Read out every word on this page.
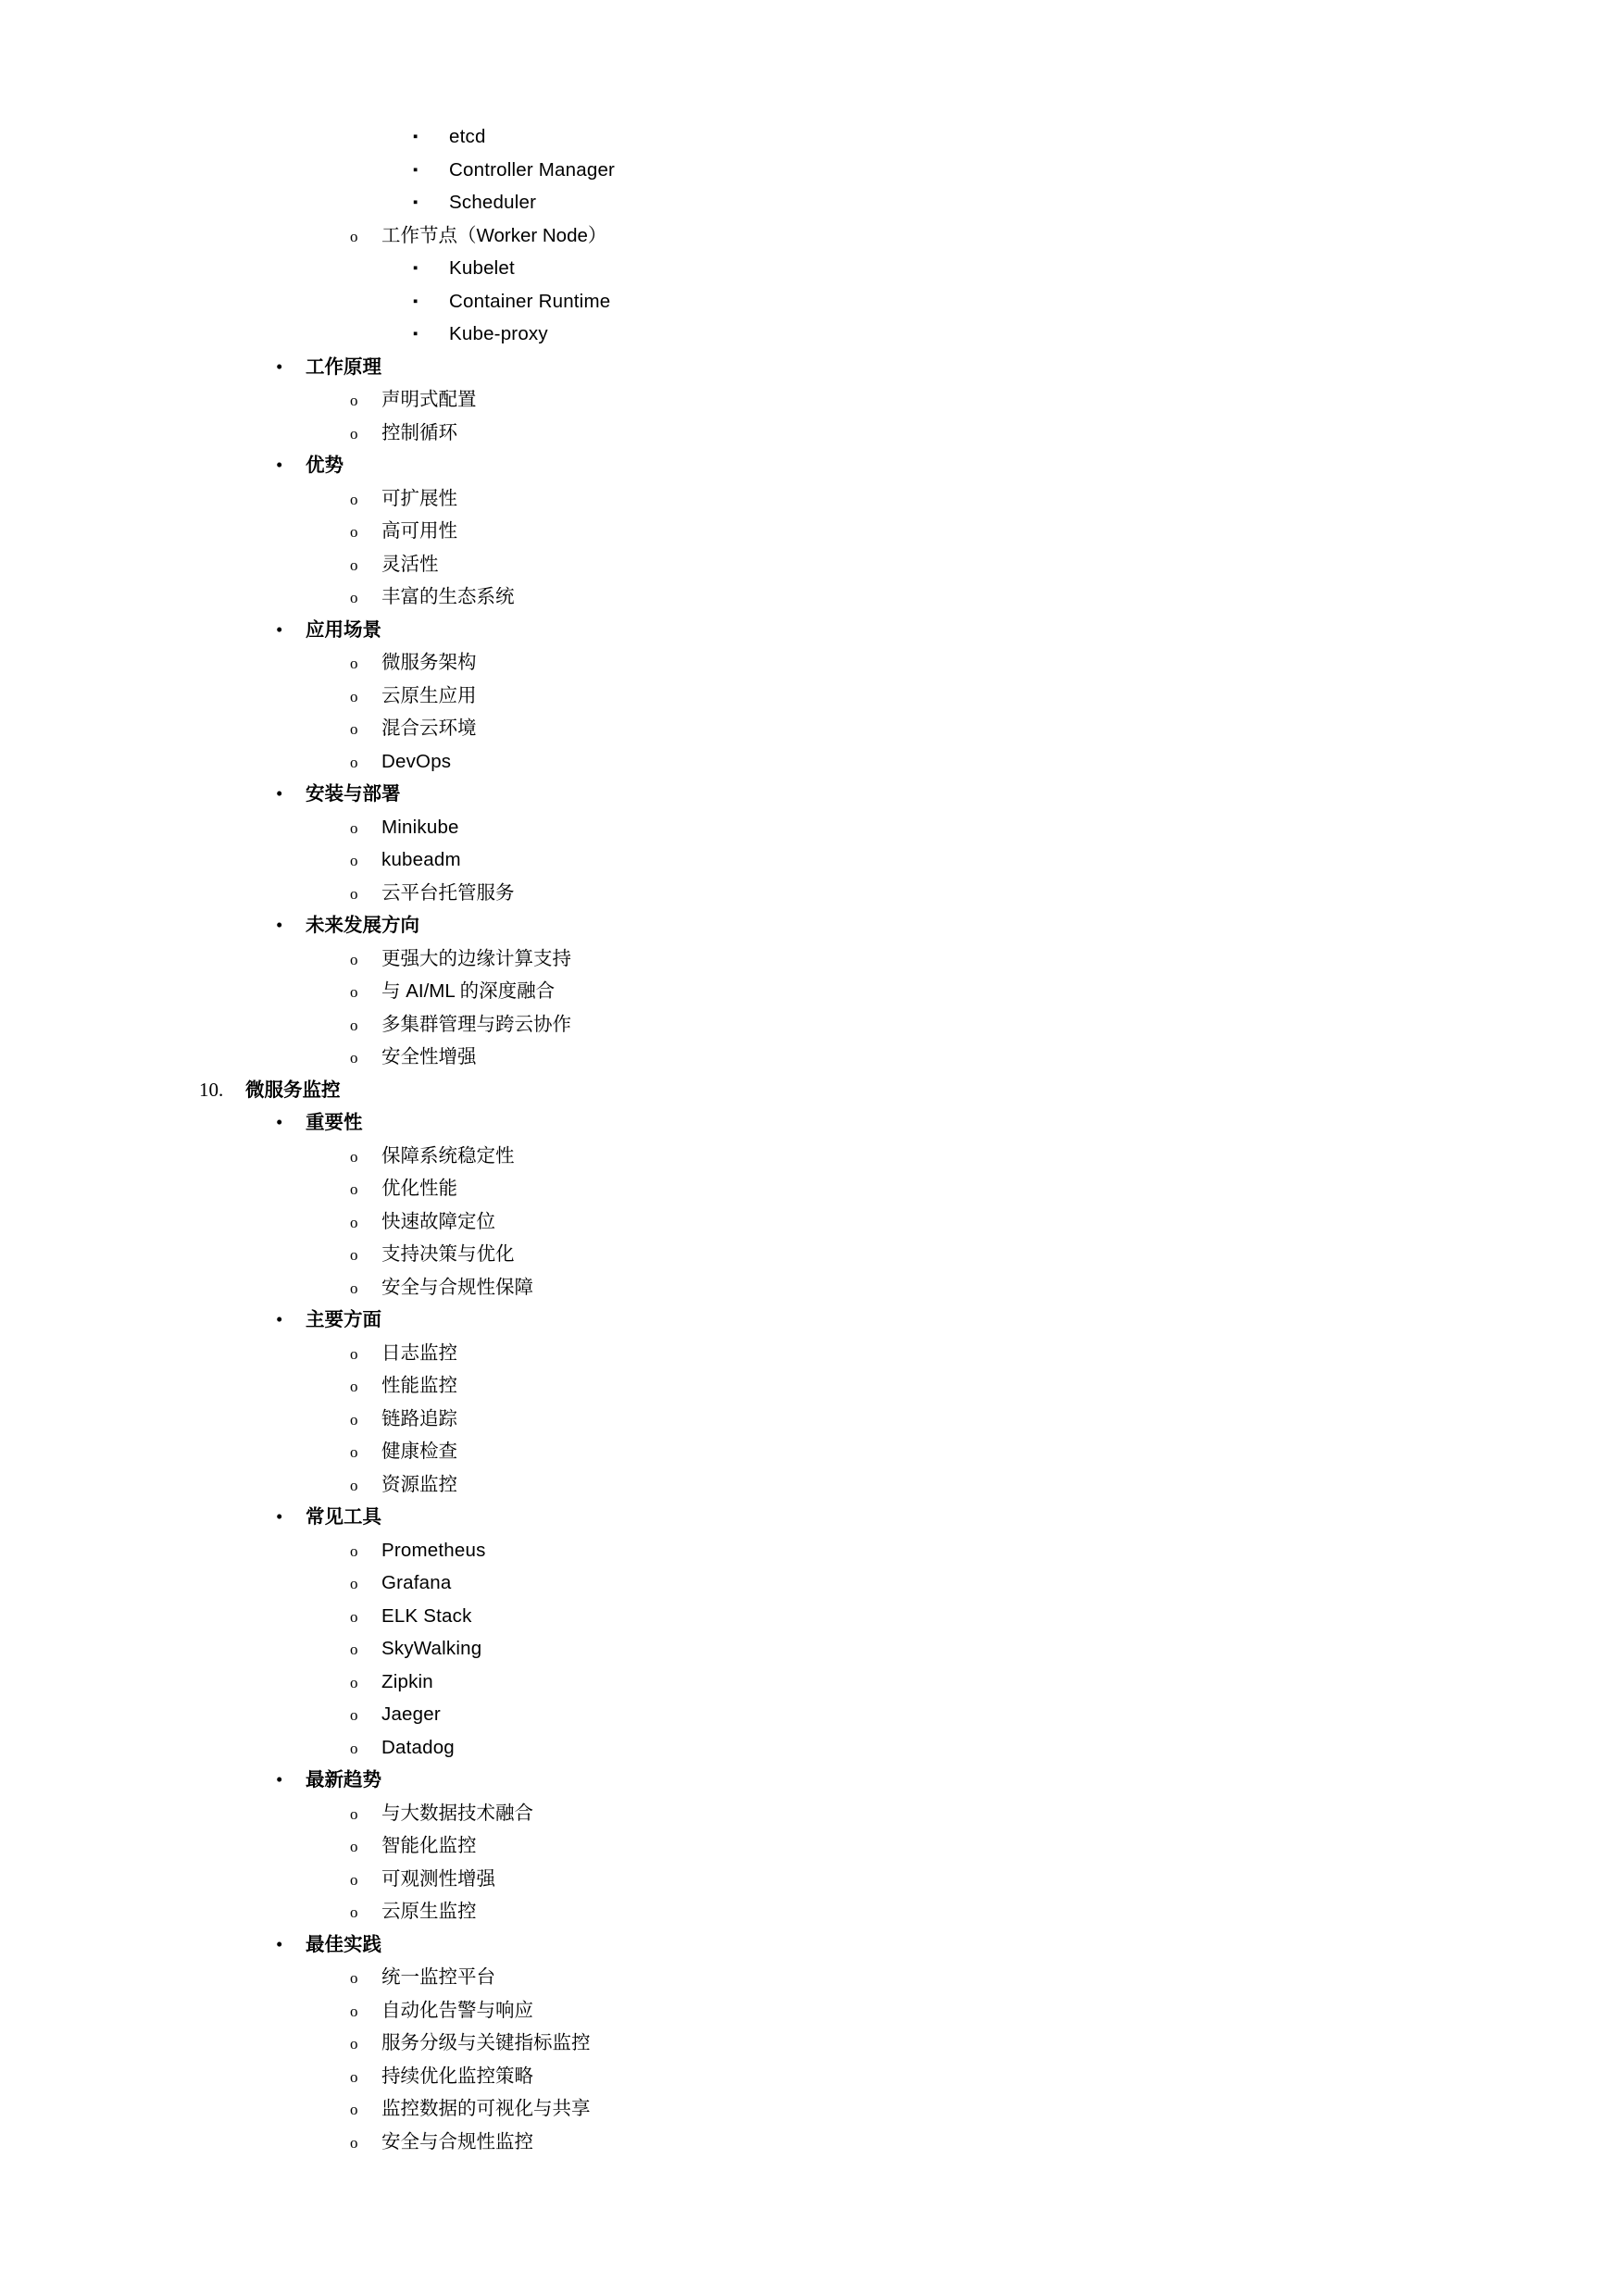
▪ etcd
▪ Controller Manager
▪ Scheduler
o 工作节点（Worker Node）
▪ Kubelet
▪ Container Runtime
▪ Kube-proxy
• 工作原理
o 声明式配置
o 控制循环
• 优势
o 可扩展性
o 高可用性
o 灵活性
o 丰富的生态系统
• 应用场景
o 微服务架构
o 云原生应用
o 混合云环境
o DevOps
• 安装与部署
o Minikube
o kubeadm
o 云平台托管服务
• 未来发展方向
o 更强大的边缘计算支持
o 与 AI/ML 的深度融合
o 多集群管理与跨云协作
o 安全性增强
10. 微服务监控
• 重要性
o 保障系统稳定性
o 优化性能
o 快速故障定位
o 支持决策与优化
o 安全与合规性保障
• 主要方面
o 日志监控
o 性能监控
o 链路追踪
o 健康检查
o 资源监控
• 常见工具
o Prometheus
o Grafana
o ELK Stack
o SkyWalking
o Zipkin
o Jaeger
o Datadog
• 最新趋势
o 与大数据技术融合
o 智能化监控
o 可观测性增强
o 云原生监控
• 最佳实践
o 统一监控平台
o 自动化告警与响应
o 服务分级与关键指标监控
o 持续优化监控策略
o 监控数据的可视化与共享
o 安全与合规性监控
